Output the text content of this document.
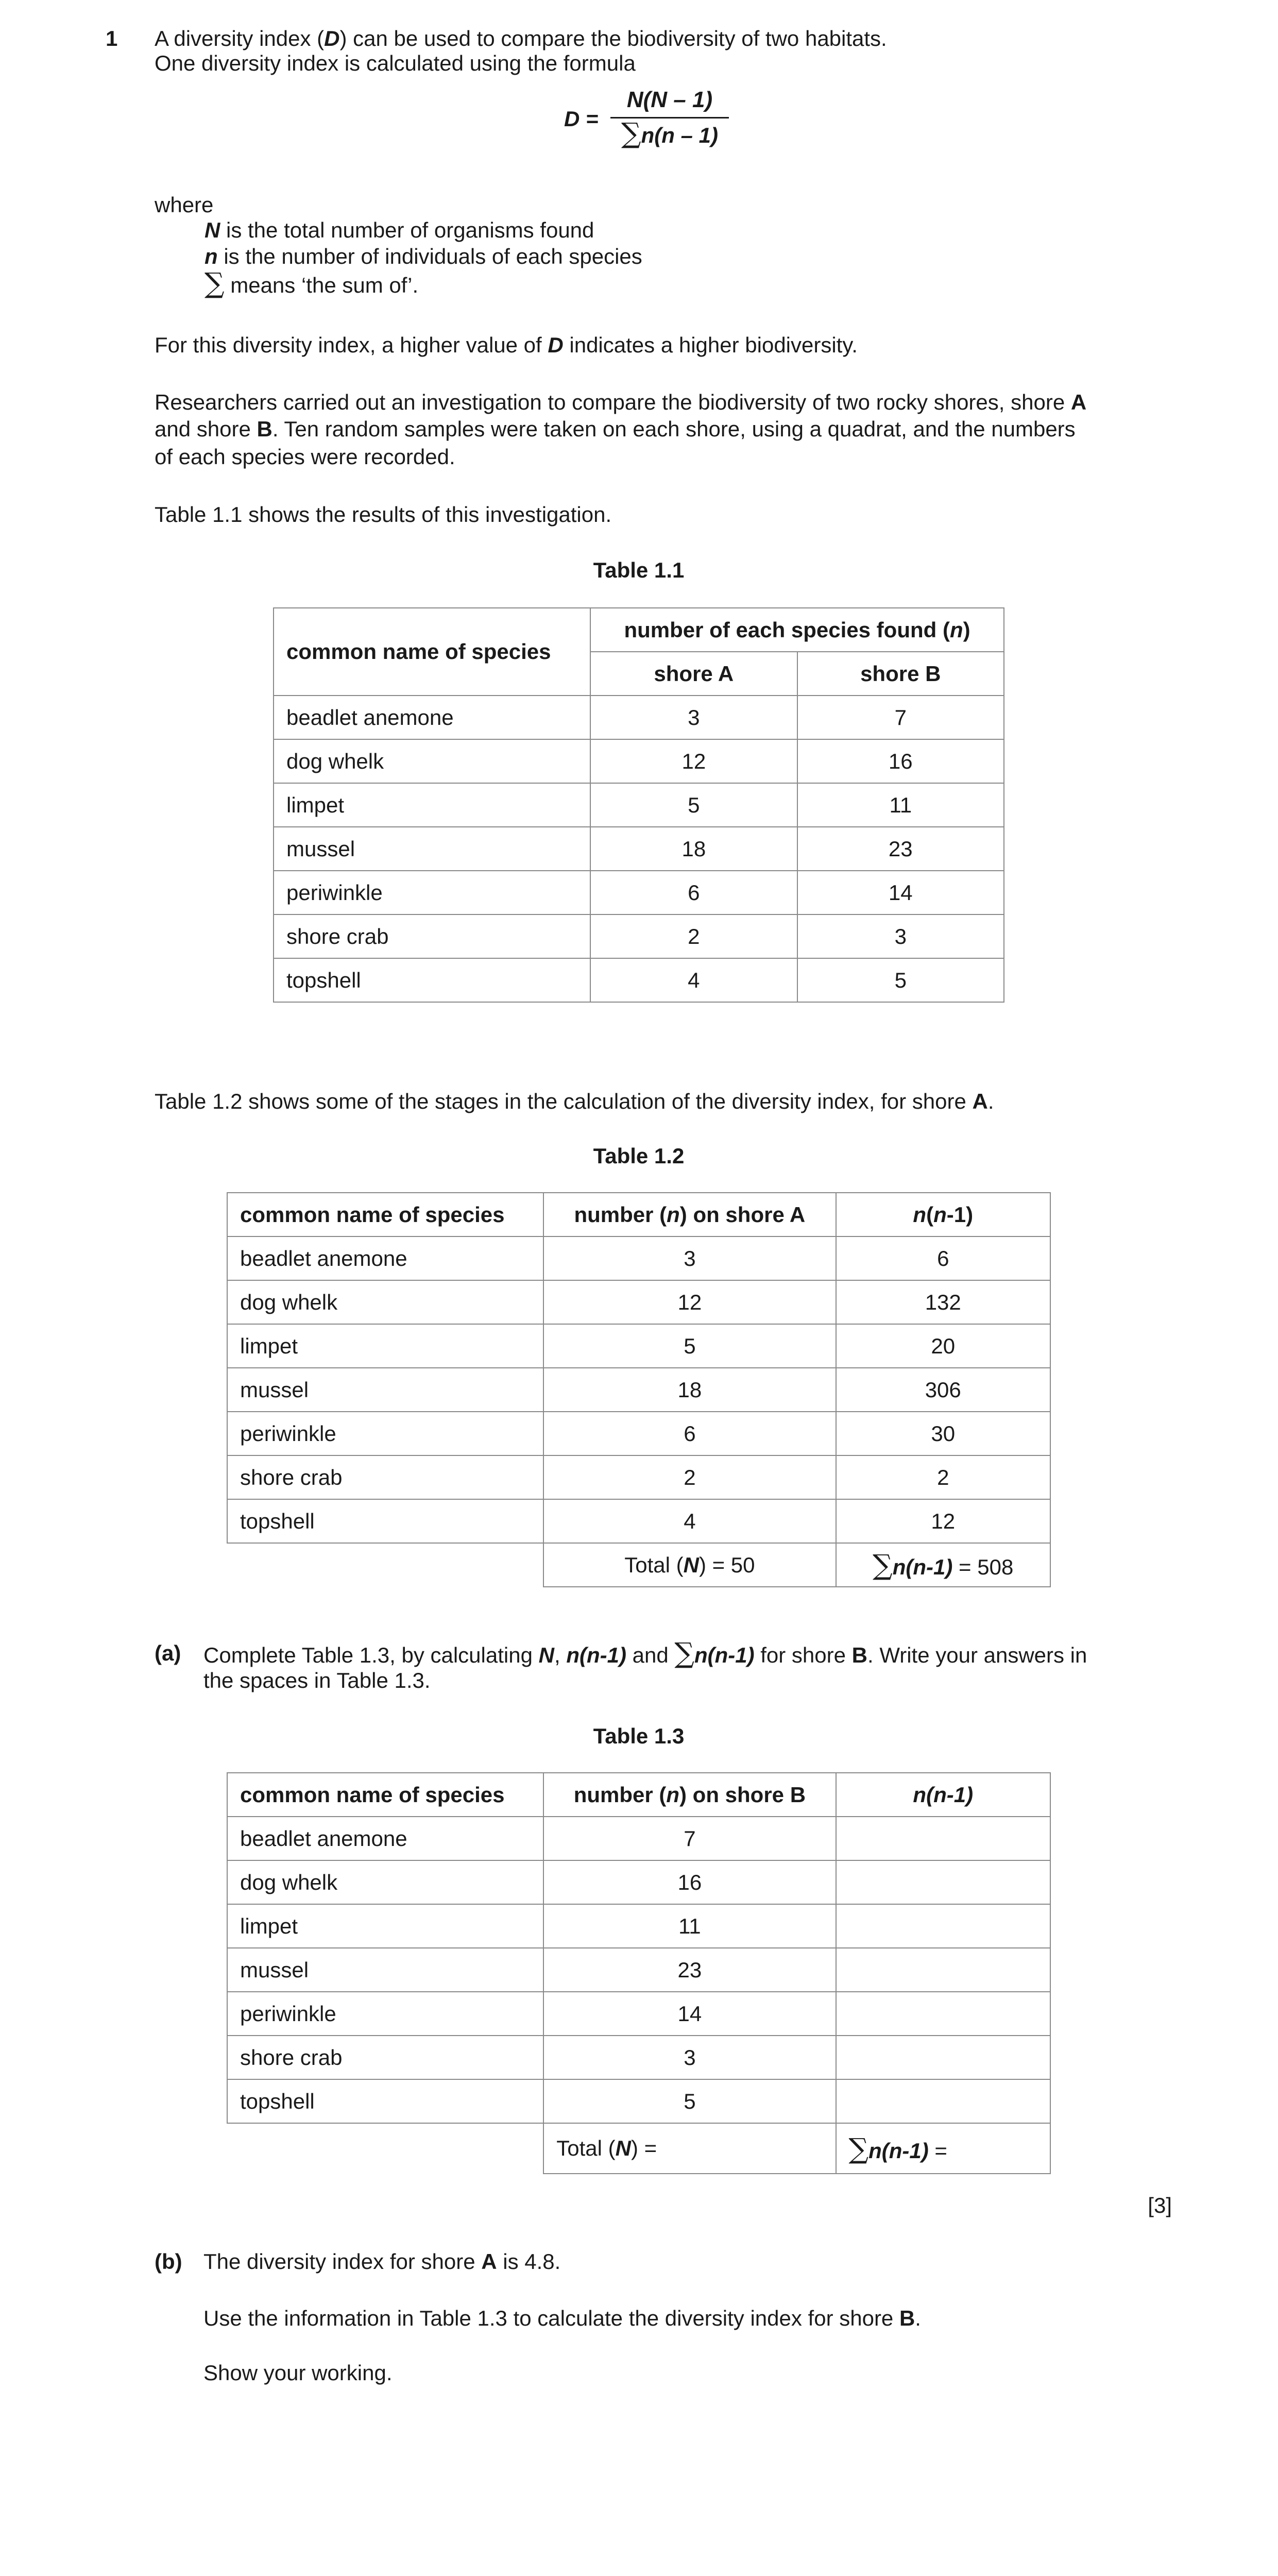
1 A diversity index (D) can be used to compare the biodiversity of two habitats.
One diversity index is calculated using the formula
D =
N(N – 1)
∑n(n – 1)
where
N is the total number of organisms found
n is the number of individuals of each species
∑ means ‘the sum of’.
For this diversity index, a higher value of D indicates a higher biodiversity.
Researchers carried out an investigation to compare the biodiversity of two rocky shores, shore A
and shore B. Ten random samples were taken on each shore, using a quadrat, and the numbers
of each species were recorded.
Table 1.1 shows the results of this investigation.
Table 1.1
common name of species	number of each species found (n)	
	shore A	shore B
beadlet anemone	3	7
dog whelk	12	16
limpet	5	11
mussel	18	23
periwinkle	6	14
shore crab	2	3
topshell	4	5
Table 1.2 shows some of the stages in the calculation of the diversity index, for shore A.
Table 1.2
common name of species	number (n) on shore A	n(n-1)
beadlet anemone	3	6
dog whelk	12	132
limpet	5	20
mussel	18	306
periwinkle	6	30
shore crab	2	2
topshell	4	12
	Total (N) = 50	∑n(n-1) = 508
(a) Complete Table 1.3, by calculating N, n(n-1) and ∑n(n-1) for shore B. Write your answers in
the spaces in Table 1.3.
Table 1.3
common name of species	number (n) on shore B	n(n-1)
beadlet anemone	7	
dog whelk	16	
limpet	11	
mussel	23	
periwinkle	14	
shore crab	3	
topshell	5	
	Total (N) =	∑n(n-1) =
[3]
(b) The diversity index for shore A is 4.8.
Use the information in Table 1.3 to calculate the diversity index for shore B.
Show your working.
